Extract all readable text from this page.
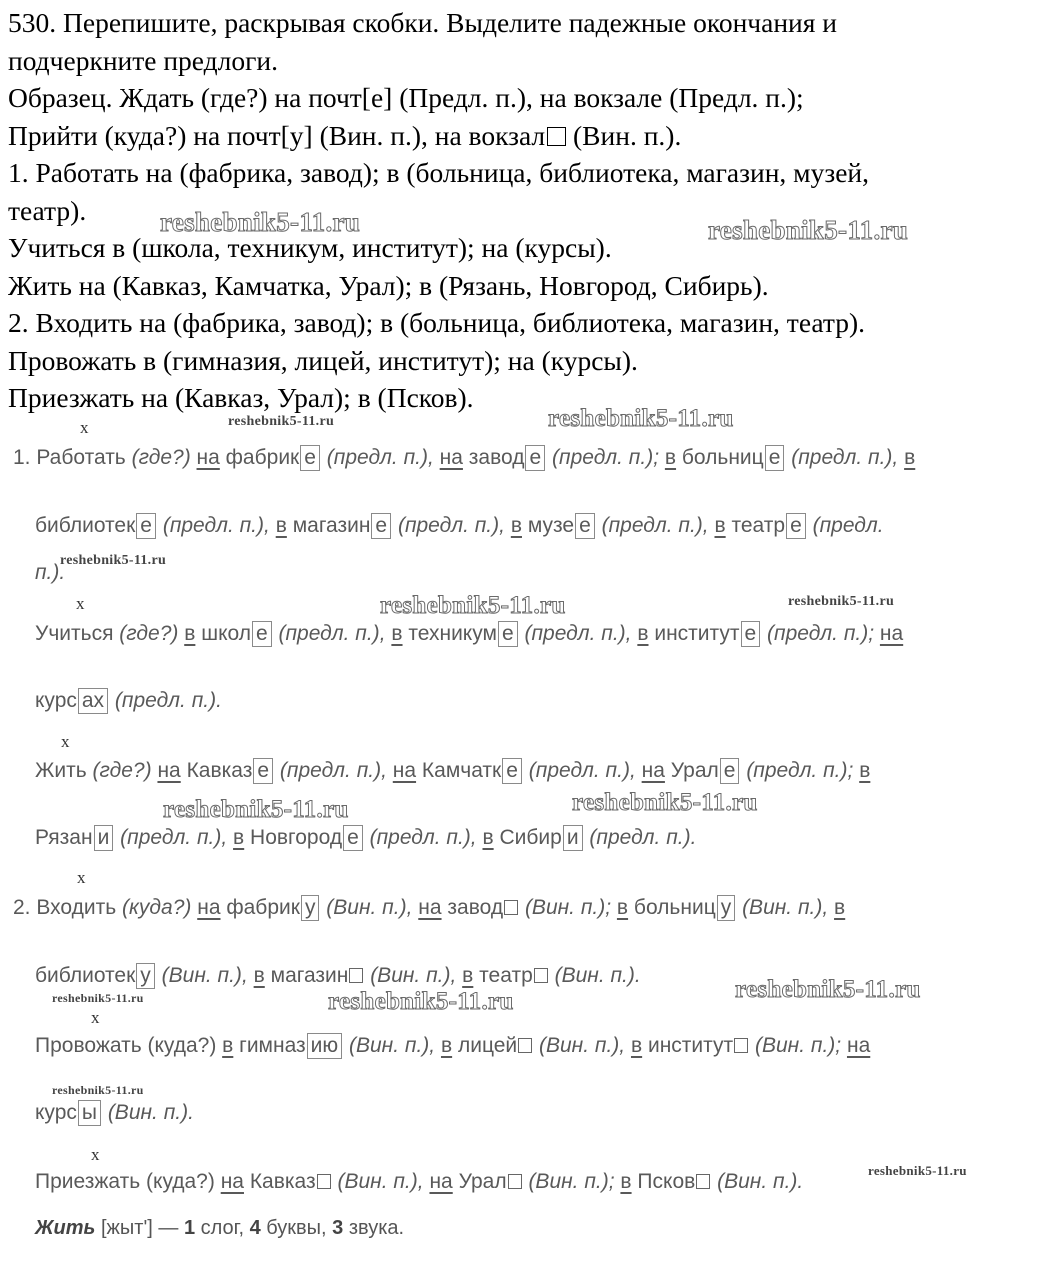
530. Перепишите, раскрывая скобки. Выделите падежные окончания и
подчеркните предлоги.
Образец. Ждать (где?) на почт[е] (Предл. п.), на вокзале (Предл. п.);
Прийти (куда?) на почт[у] (Вин. п.), на вокзал (Вин. п.).
1. Работать на (фабрика, завод); в (больница, библиотека, магазин, музей,
театр).
Учиться в (школа, техникум, институт); на (курсы).
Жить на (Кавказ, Камчатка, Урал); в (Рязань, Новгород, Сибирь).
2. Входить на (фабрика, завод); в (больница, библиотека, магазин, театр).
Провожать в (гимназия, лицей, институт); на (курсы).
Приезжать на (Кавказ, Урал); в (Псков).
reshebnik5-11.ru	reshebnik5-11.ru
reshebnik5-11.ru	reshebnik5-11.ru
reshebnik5-11.ru
reshebnik5-11.ru	reshebnik5-11.ru
reshebnik5-11.ru	reshebnik5-11.ru
reshebnik5-11.ru	reshebnik5-11.ru	reshebnik5-11.ru
reshebnik5-11.ru
reshebnik5-11.ru
x
x
x
x
x
x
1. Работать (где?) на фабрик е (предл. п.), на завод е (предл. п.); в больниц е (предл. п.), в
библиотек е (предл. п.), в магазин е (предл. п.), в музе е (предл. п.), в театр е (предл.
п.).
Учиться (где?) в школ е (предл. п.), в техникум е (предл. п.), в институт е (предл. п.); на
курс ах (предл. п.).
Жить (где?) на Кавказ е (предл. п.), на Камчатк е (предл. п.), на Урал е (предл. п.); в
Рязан и (предл. п.), в Новгород е (предл. п.), в Сибир и (предл. п.).
2. Входить (куда?) на фабрик у (Вин. п.), на завод (Вин. п.); в больниц у (Вин. п.), в
библиотек у (Вин. п.), в магазин (Вин. п.), в театр (Вин. п.).
Провожать (куда?) в гимназ ию (Вин. п.), в лицей (Вин. п.), в институт (Вин. п.); на
курс ы (Вин. п.).
Приезжать (куда?) на Кавказ (Вин. п.), на Урал (Вин. п.); в Псков (Вин. п.).
Жить [жыт'] — 1 слог, 4 буквы, 3 звука.
